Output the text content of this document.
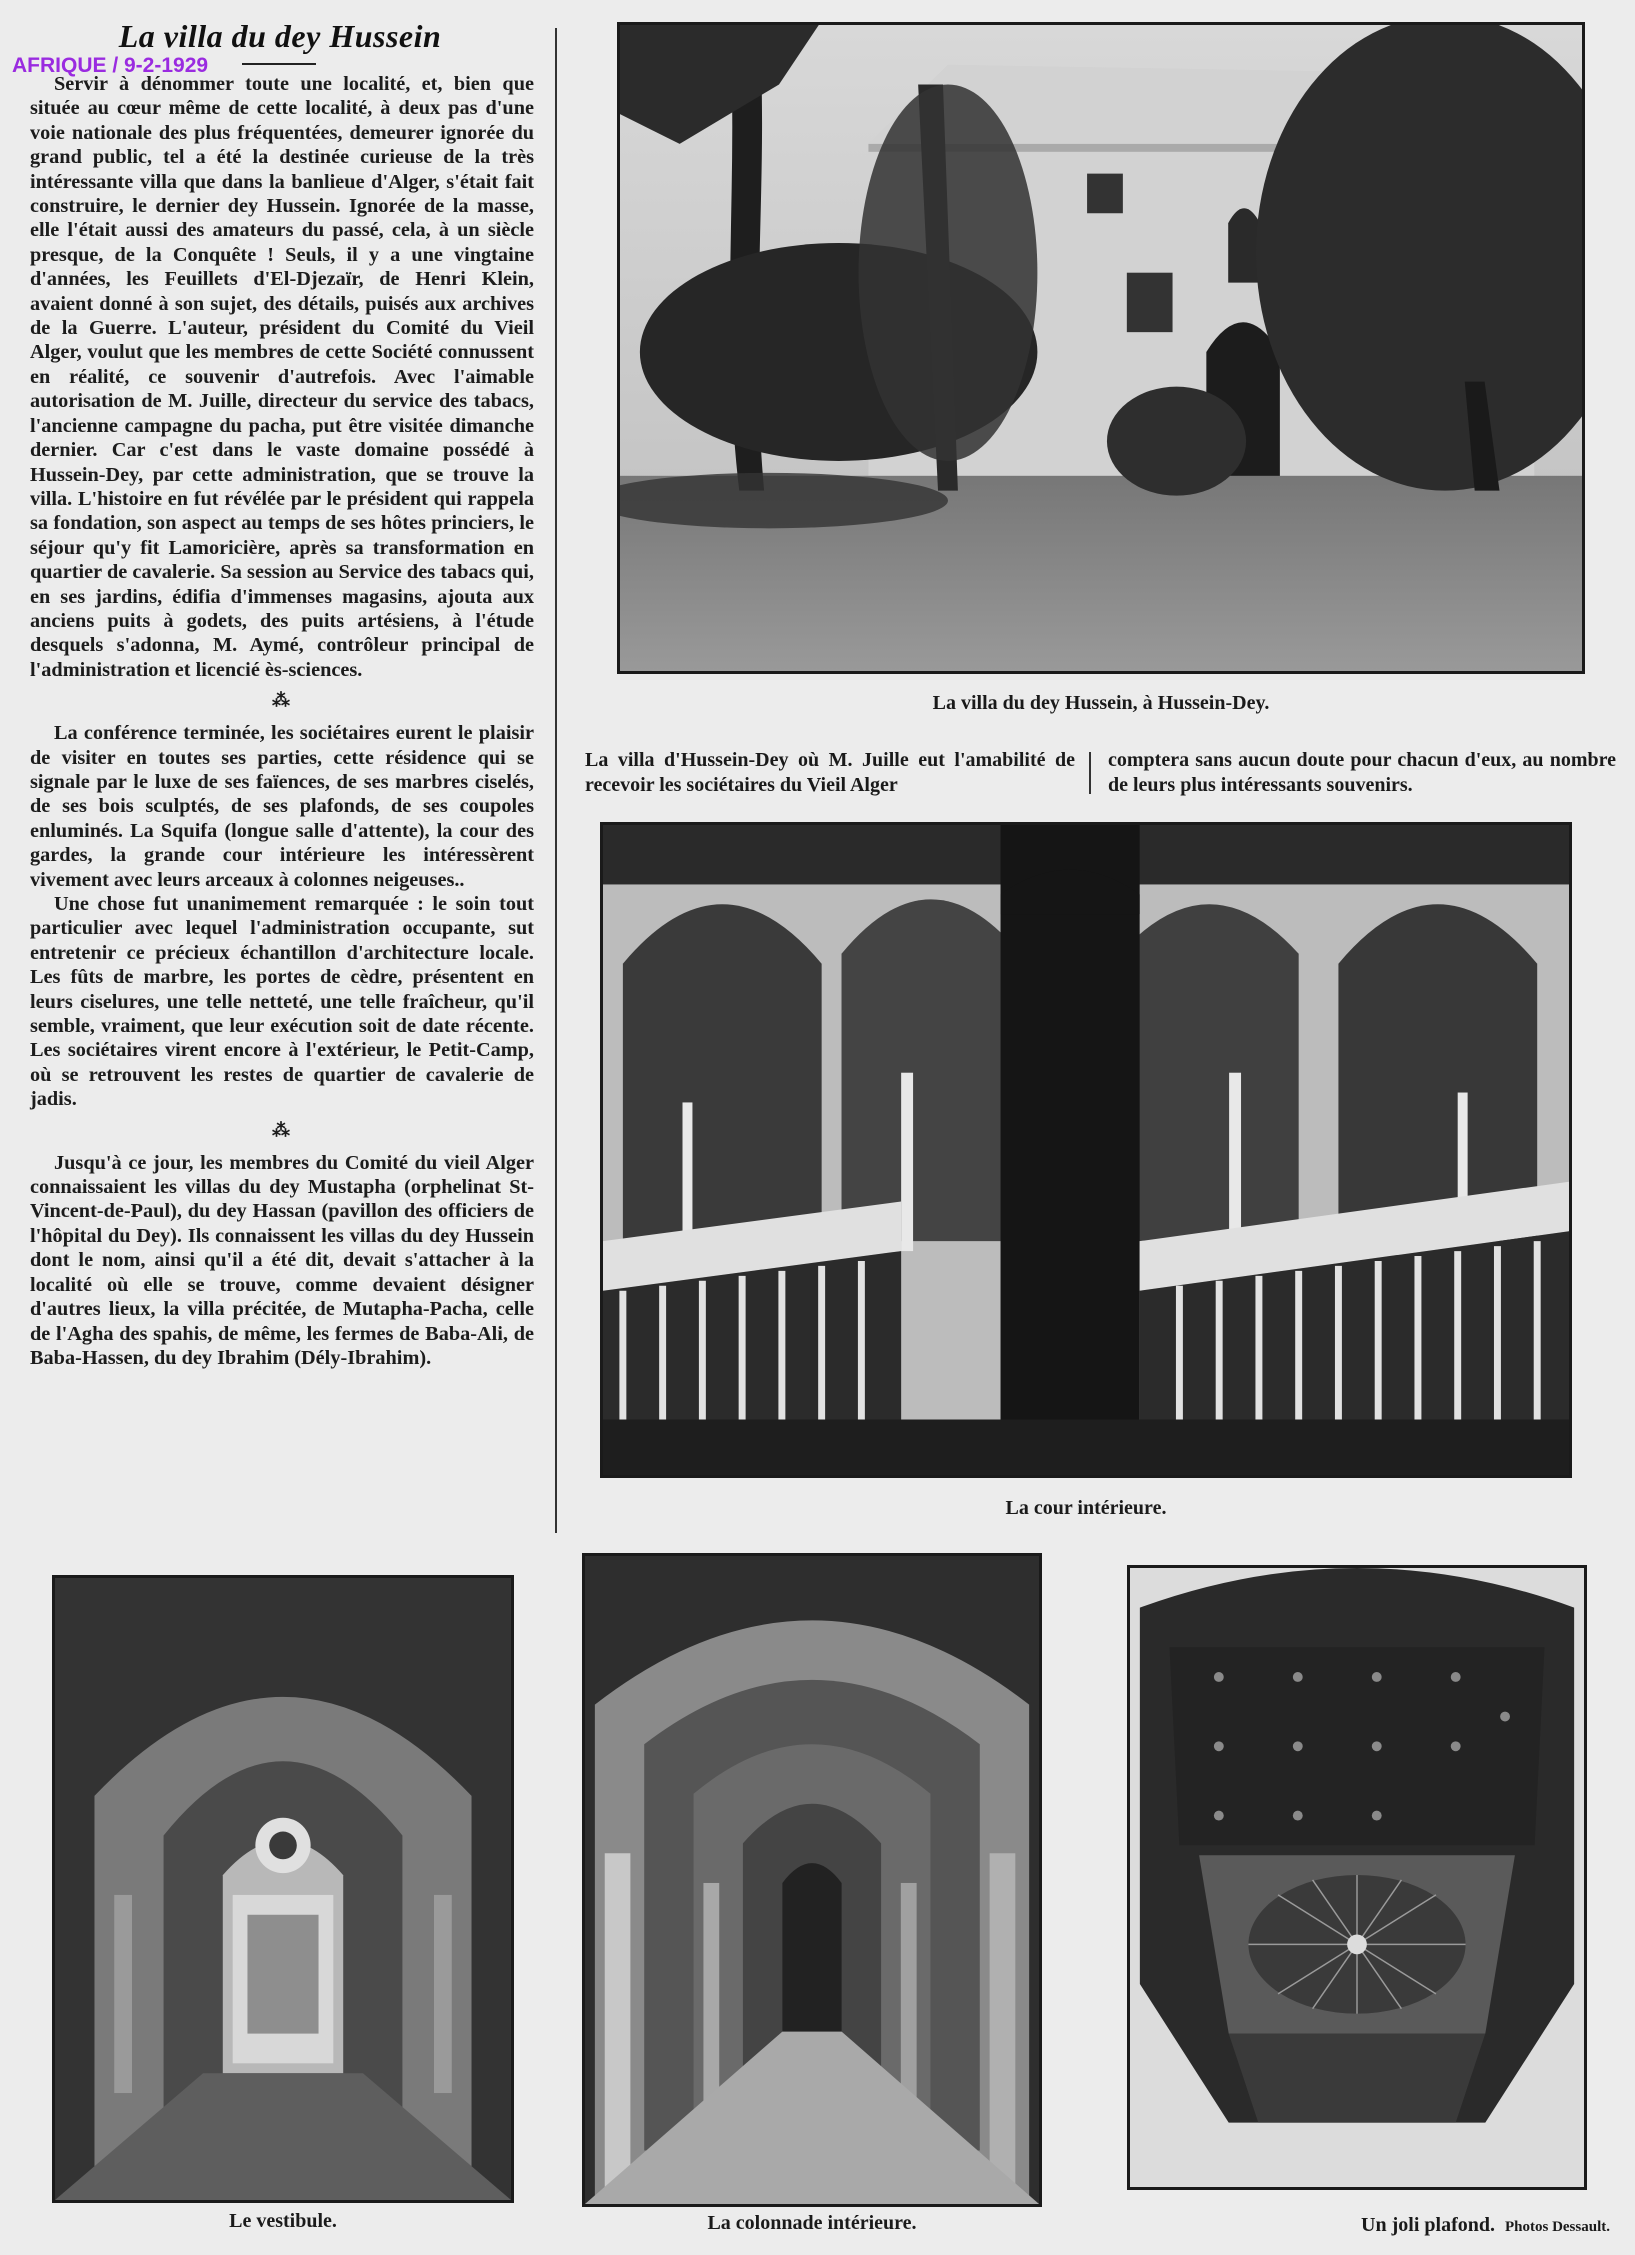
La villa du dey Hussein
AFRIQUE / 9-2-1929

Servir à dénommer toute une localité, et, bien que située au cœur même de cette localité, à deux pas d'une voie nationale des plus fréquentées, demeurer ignorée du grand public, tel a été la destinée curieuse de la très intéressante villa que dans la banlieue d'Alger, s'était fait construire, le dernier dey Hussein. Ignorée de la masse, elle l'était aussi des amateurs du passé, cela, à un siècle presque, de la Conquête ! Seuls, il y a une vingtaine d'années, les Feuillets d'El-Djezaïr, de Henri Klein, avaient donné à son sujet, des détails, puisés aux archives de la Guerre. L'auteur, président du Comité du Vieil Alger, voulut que les membres de cette Société connussent en réalité, ce souvenir d'autrefois. Avec l'aimable autorisation de M. Juille, directeur du service des tabacs, l'ancienne campagne du pacha, put être visitée dimanche dernier. Car c'est dans le vaste domaine possédé à Hussein-Dey, par cette administration, que se trouve la villa. L'histoire en fut révélée par le président qui rappela sa fondation, son aspect au temps de ses hôtes princiers, le séjour qu'y fit Lamoricière, après sa transformation en quartier de cavalerie. Sa session au Service des tabacs qui, en ses jardins, édifia d'immenses magasins, ajouta aux anciens puits à godets, des puits artésiens, à l'étude desquels s'adonna, M. Aymé, contrôleur principal de l'administration et licencié ès-sciences.

⁂

La conférence terminée, les sociétaires eurent le plaisir de visiter en toutes ses parties, cette résidence qui se signale par le luxe de ses faïences, de ses marbres ciselés, de ses bois sculptés, de ses plafonds, de ses coupoles enluminés. La Squifa (longue salle d'attente), la cour des gardes, la grande cour intérieure les intéressèrent vivement avec leurs arceaux à colonnes neigeuses..

Une chose fut unanimement remarquée : le soin tout particulier avec lequel l'administration occupante, sut entretenir ce précieux échantillon d'architecture locale. Les fûts de marbre, les portes de cèdre, présentent en leurs ciselures, une telle netteté, une telle fraîcheur, qu'il semble, vraiment, que leur exécution soit de date récente. Les sociétaires virent encore à l'extérieur, le Petit-Camp, où se retrouvent les restes de quartier de cavalerie de jadis.

⁂

Jusqu'à ce jour, les membres du Comité du vieil Alger connaissaient les villas du dey Mustapha (orphelinat St-Vincent-de-Paul), du dey Hassan (pavillon des officiers de l'hôpital du Dey). Ils connaissent les villas du dey Hussein dont le nom, ainsi qu'il a été dit, devait s'attacher à la localité où elle se trouve, comme devaient désigner d'autres lieux, la villa précitée, de Mutapha-Pacha, celle de l'Agha des spahis, de même, les fermes de Baba-Ali, de Baba-Hassen, du dey Ibrahim (Dély-Ibrahim).

La villa du dey Hussein, à Hussein-Dey.
La villa d'Hussein-Dey où M. Juille eut l'amabilité de recevoir les sociétaires du Vieil Alger
comptera sans aucun doute pour chacun d'eux, au nombre de leurs plus intéressants souvenirs.
La cour intérieure.
Le vestibule.	La colonnade intérieure.	Un joli plafond. Photos Dessault.
